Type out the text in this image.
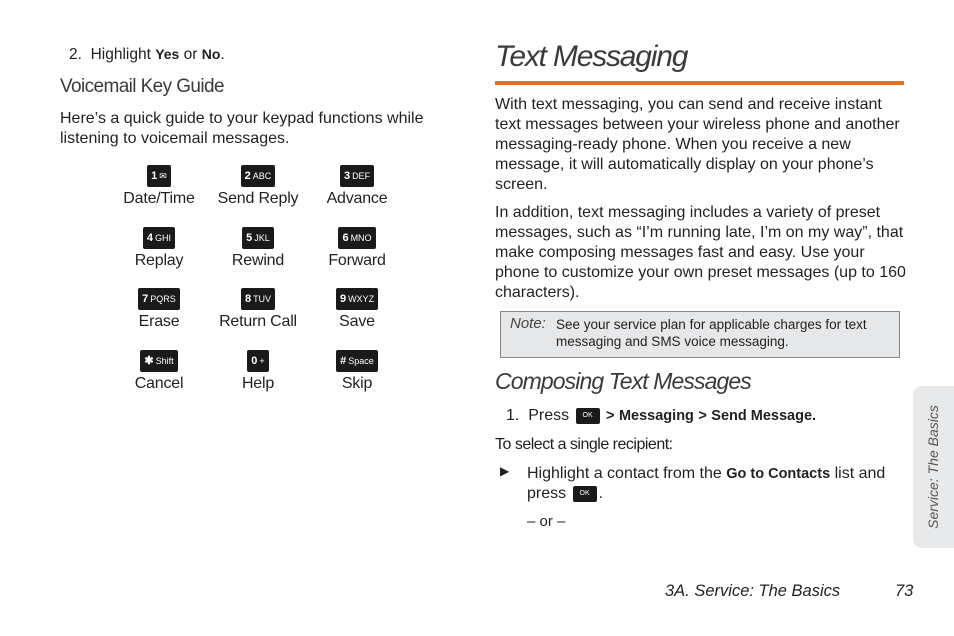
2. Highlight Yes or No.
Voicemail Key Guide
Here’s a quick guide to your keypad functions while listening to voicemail messages.
1 ✉
Date/Time
2 ABC
Send Reply
3 DEF
Advance
4 GHI
Replay
5 JKL
Rewind
6 MNO
Forward
7 PQRS
Erase
8 TUV
Return Call
9 WXYZ
Save
✱ Shift
Cancel
0 +
Help
# Space
Skip
Text Messaging
With text messaging, you can send and receive instant text messages between your wireless phone and another messaging-ready phone. When you receive a new message, it will automatically display on your phone’s screen.
In addition, text messaging includes a variety of preset messages, such as “I’m running late, I’m on my way”, that make composing messages fast and easy. Use your phone to customize your own preset messages (up to 160 characters).
Note: See your service plan for applicable charges for text messaging and SMS voice messaging.
Composing Text Messages
1. Press OK > Messaging > Send Message.
To select a single recipient:
▶ Highlight a contact from the Go to Contacts list and press OK .
– or –
3A. Service: The Basics	73
Service: The Basics
